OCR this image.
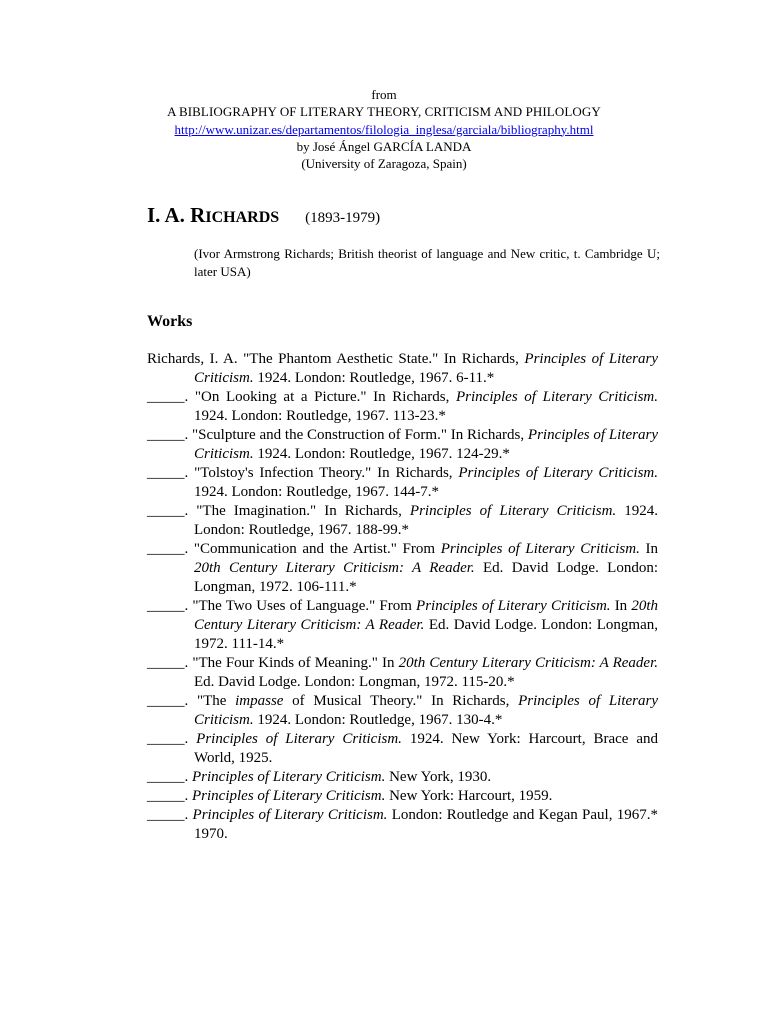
from
A BIBLIOGRAPHY OF LITERARY THEORY, CRITICISM AND PHILOLOGY
http://www.unizar.es/departamentos/filologia_inglesa/garciala/bibliography.html
by José Ángel GARCÍA LANDA
(University of Zaragoza, Spain)
I. A. RICHARDS (1893-1979)
(Ivor Armstrong Richards; British theorist of language and New critic, t. Cambridge U; later USA)
Works
Richards, I. A. "The Phantom Aesthetic State." In Richards, Principles of Literary Criticism. 1924. London: Routledge, 1967. 6-11.*
_____. "On Looking at a Picture." In Richards, Principles of Literary Criticism. 1924. London: Routledge, 1967. 113-23.*
_____. "Sculpture and the Construction of Form." In Richards, Principles of Literary Criticism. 1924. London: Routledge, 1967. 124-29.*
_____. "Tolstoy's Infection Theory." In Richards, Principles of Literary Criticism. 1924. London: Routledge, 1967. 144-7.*
_____. "The Imagination." In Richards, Principles of Literary Criticism. 1924. London: Routledge, 1967. 188-99.*
_____. "Communication and the Artist." From Principles of Literary Criticism. In 20th Century Literary Criticism: A Reader. Ed. David Lodge. London: Longman, 1972. 106-111.*
_____. "The Two Uses of Language." From Principles of Literary Criticism. In 20th Century Literary Criticism: A Reader. Ed. David Lodge. London: Longman, 1972. 111-14.*
_____. "The Four Kinds of Meaning." In 20th Century Literary Criticism: A Reader. Ed. David Lodge. London: Longman, 1972. 115-20.*
_____. "The impasse of Musical Theory." In Richards, Principles of Literary Criticism. 1924. London: Routledge, 1967. 130-4.*
_____. Principles of Literary Criticism. 1924. New York: Harcourt, Brace and World, 1925.
_____. Principles of Literary Criticism. New York, 1930.
_____. Principles of Literary Criticism. New York: Harcourt, 1959.
_____. Principles of Literary Criticism. London: Routledge and Kegan Paul, 1967.* 1970.
